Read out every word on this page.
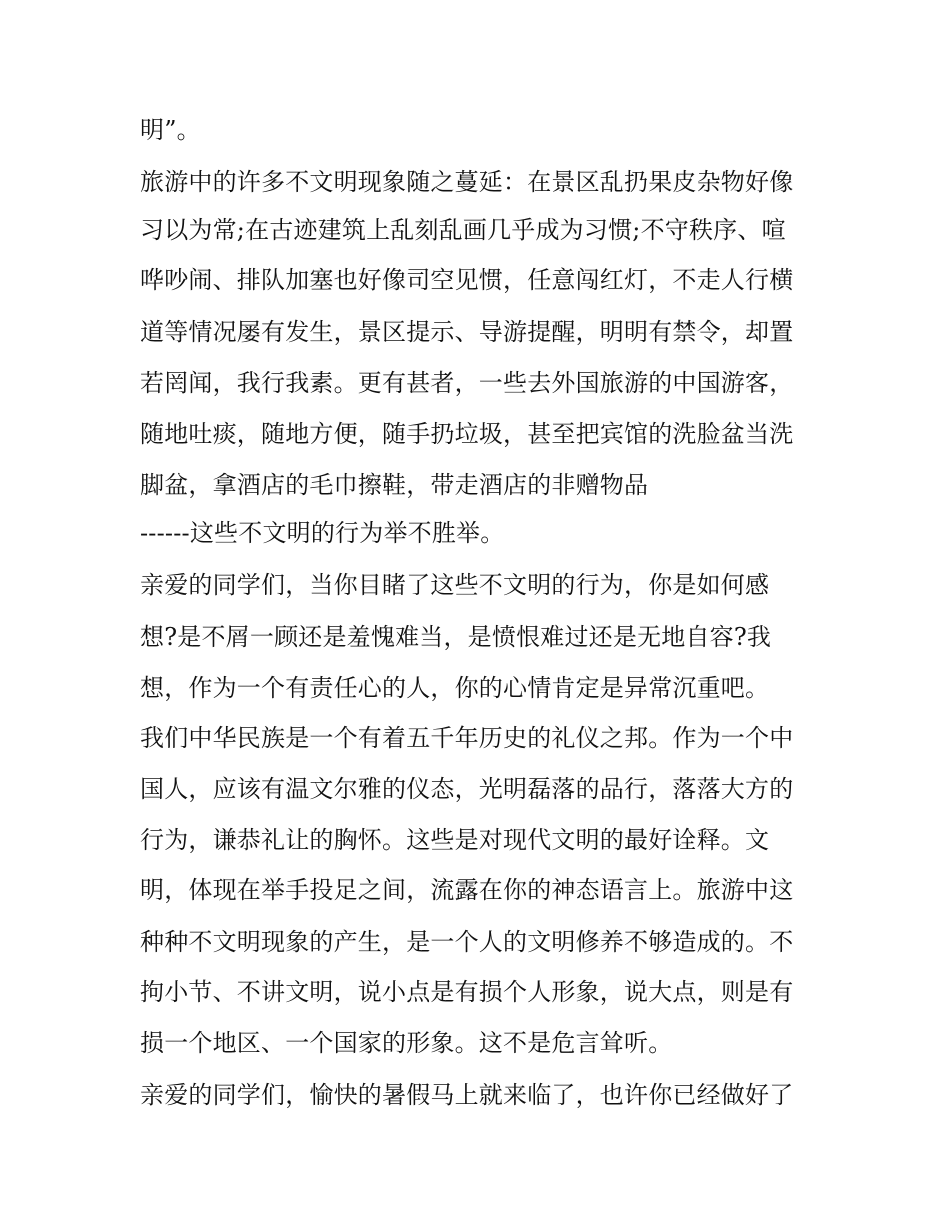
明”。
旅游中的许多不文明现象随之蔓延：在景区乱扔果皮杂物好像
习以为常;在古迹建筑上乱刻乱画几乎成为习惯;不守秩序、喧
哗吵闹、排队加塞也好像司空见惯，任意闯红灯，不走人行横
道等情况屡有发生，景区提示、导游提醒，明明有禁令，却置
若罔闻，我行我素。更有甚者，一些去外国旅游的中国游客，
随地吐痰，随地方便，随手扔垃圾，甚至把宾馆的洗脸盆当洗
脚盆，拿酒店的毛巾擦鞋，带走酒店的非赠物品
------这些不文明的行为举不胜举。
亲爱的同学们，当你目睹了这些不文明的行为，你是如何感
想?是不屑一顾还是羞愧难当，是愤恨难过还是无地自容?我
想，作为一个有责任心的人，你的心情肯定是异常沉重吧。
我们中华民族是一个有着五千年历史的礼仪之邦。作为一个中
国人，应该有温文尔雅的仪态，光明磊落的品行，落落大方的
行为，谦恭礼让的胸怀。这些是对现代文明的最好诠释。文
明，体现在举手投足之间，流露在你的神态语言上。旅游中这
种种不文明现象的产生，是一个人的文明修养不够造成的。不
拘小节、不讲文明，说小点是有损个人形象，说大点，则是有
损一个地区、一个国家的形象。这不是危言耸听。
亲爱的同学们，愉快的暑假马上就来临了，也许你已经做好了
